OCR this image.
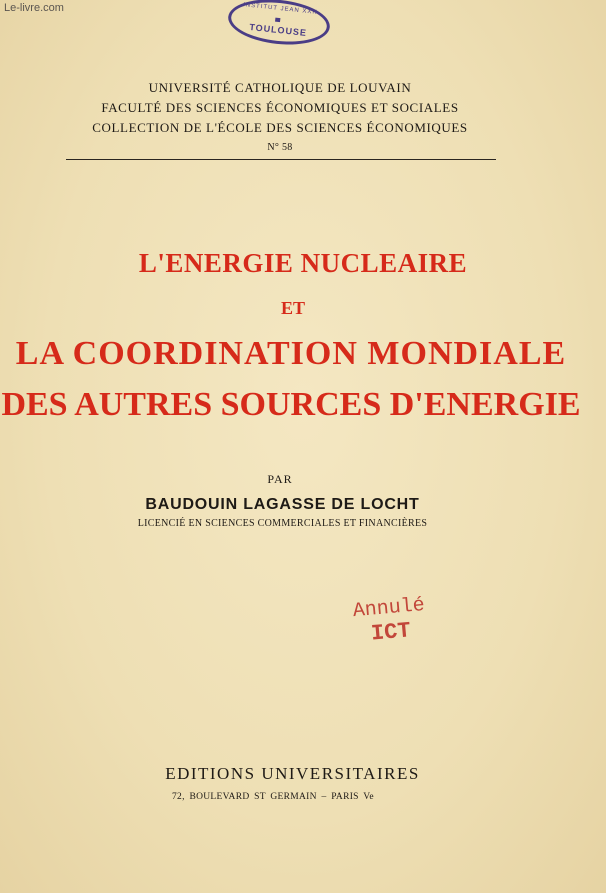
Le-livre.com	INSTITUT JEAN XXII
TOULOUSE
UNIVERSITÉ CATHOLIQUE DE LOUVAIN
FACULTÉ DES SCIENCES ÉCONOMIQUES ET SOCIALES
COLLECTION DE L'ÉCOLE DES SCIENCES ÉCONOMIQUES
N° 58
L'ENERGIE NUCLEAIRE
ET
LA COORDINATION MONDIALE
DES AUTRES SOURCES D'ENERGIE
PAR
BAUDOUIN LAGASSE DE LOCHT
LICENCIÉ EN SCIENCES COMMERCIALES ET FINANCIÈRES
Annulé
ICT
EDITIONS UNIVERSITAIRES
72, BOULEVARD ST GERMAIN – PARIS Ve
